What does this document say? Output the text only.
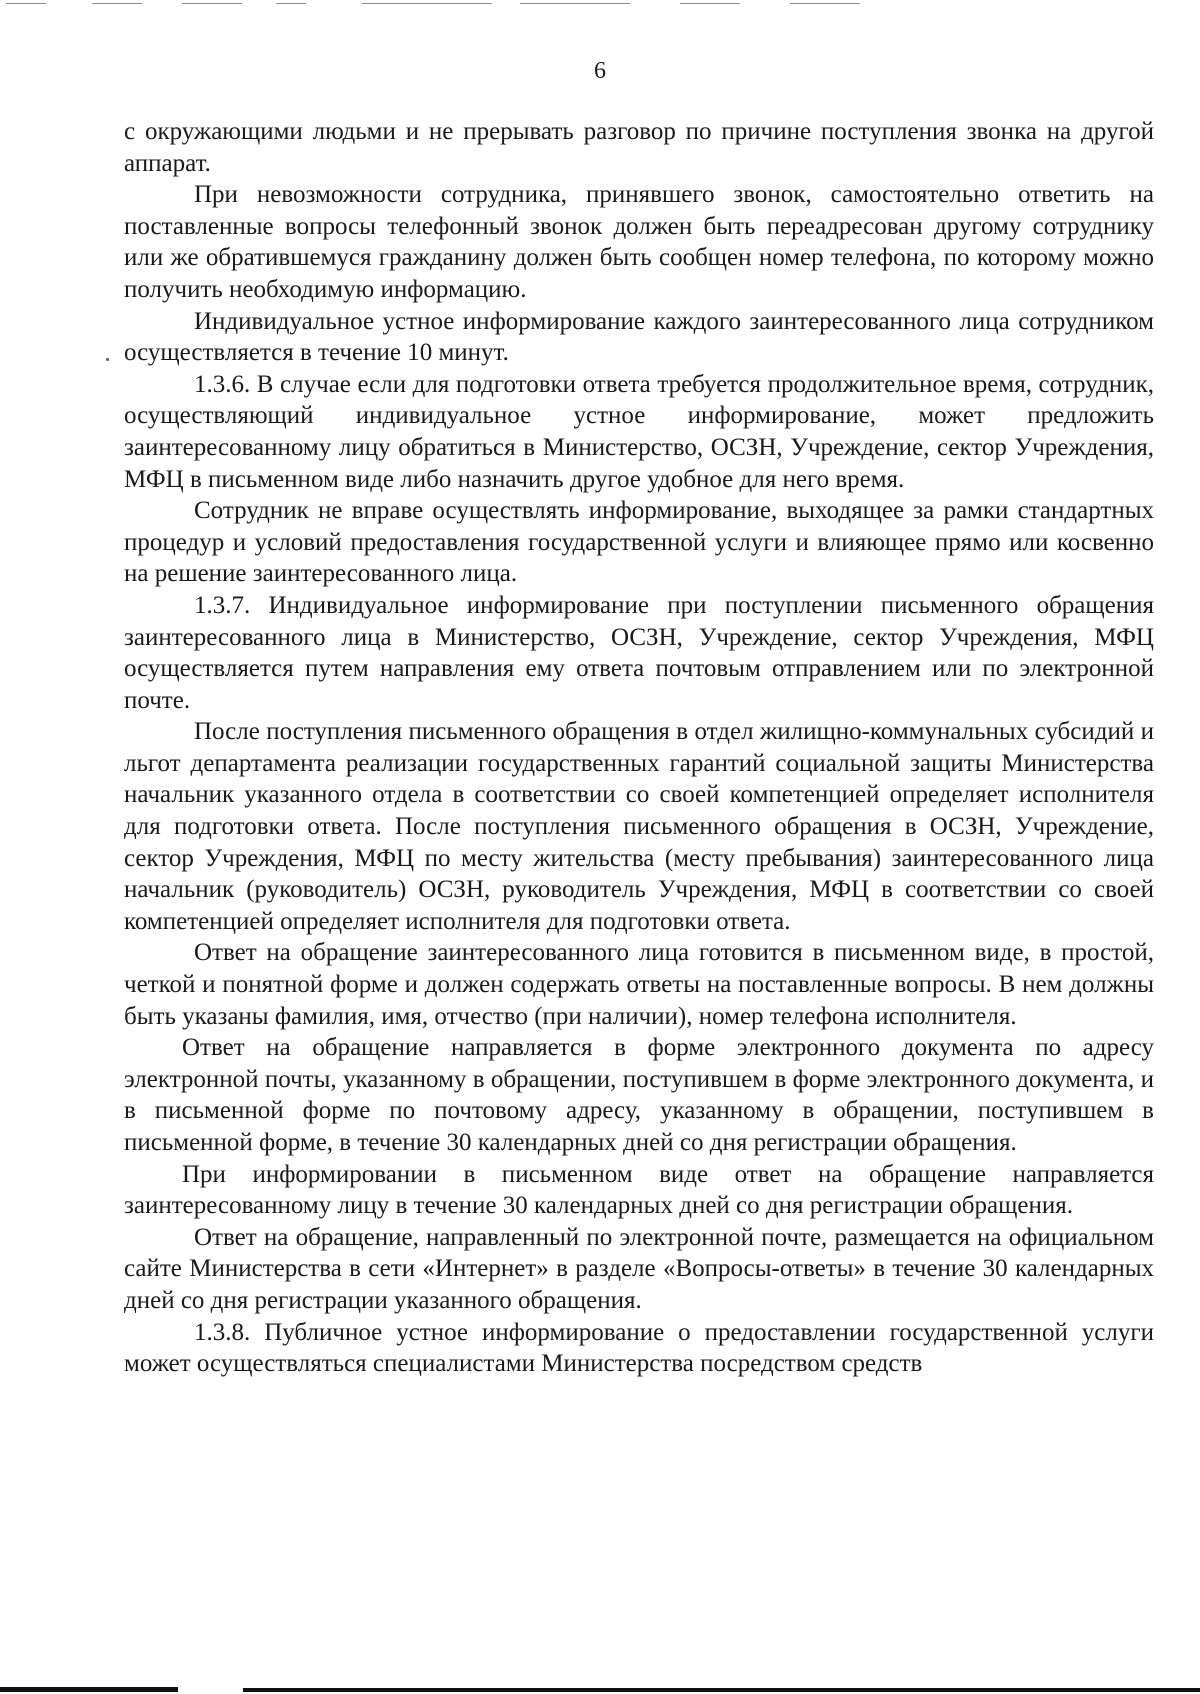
6

с окружающими людьми и не прерывать разговор по причине поступления звонка на другой аппарат.

При невозможности сотрудника, принявшего звонок, самостоятельно ответить на поставленные вопросы телефонный звонок должен быть переадресован другому сотруднику или же обратившемуся гражданину должен быть сообщен номер телефона, по которому можно получить необходимую информацию.

Индивидуальное устное информирование каждого заинтересованного лица сотрудником осуществляется в течение 10 минут.

1.3.6. В случае если для подготовки ответа требуется продолжительное время, сотрудник, осуществляющий индивидуальное устное информирование, может предложить заинтересованному лицу обратиться в Министерство, ОСЗН, Учреждение, сектор Учреждения, МФЦ в письменном виде либо назначить другое удобное для него время.

Сотрудник не вправе осуществлять информирование, выходящее за рамки стандартных процедур и условий предоставления государственной услуги и влияющее прямо или косвенно на решение заинтересованного лица.

1.3.7. Индивидуальное информирование при поступлении письменного обращения заинтересованного лица в Министерство, ОСЗН, Учреждение, сектор Учреждения, МФЦ осуществляется путем направления ему ответа почтовым отправлением или по электронной почте.

После поступления письменного обращения в отдел жилищно-коммунальных субсидий и льгот департамента реализации государственных гарантий социальной защиты Министерства начальник указанного отдела в соответствии со своей компетенцией определяет исполнителя для подготовки ответа. После поступления письменного обращения в ОСЗН, Учреждение, сектор Учреждения, МФЦ по месту жительства (месту пребывания) заинтересованного лица начальник (руководитель) ОСЗН, руководитель Учреждения, МФЦ в соответствии со своей компетенцией определяет исполнителя для подготовки ответа.

Ответ на обращение заинтересованного лица готовится в письменном виде, в простой, четкой и понятной форме и должен содержать ответы на поставленные вопросы. В нем должны быть указаны фамилия, имя, отчество (при наличии), номер телефона исполнителя.

Ответ на обращение направляется в форме электронного документа по адресу электронной почты, указанному в обращении, поступившем в форме электронного документа, и в письменной форме по почтовому адресу, указанному в обращении, поступившем в письменной форме, в течение 30 календарных дней со дня регистрации обращения.

При информировании в письменном виде ответ на обращение направляется заинтересованному лицу в течение 30 календарных дней со дня регистрации обращения.

Ответ на обращение, направленный по электронной почте, размещается на официальном сайте Министерства в сети «Интернет» в разделе «Вопросы-ответы» в течение 30 календарных дней со дня регистрации указанного обращения.

1.3.8. Публичное устное информирование о предоставлении государственной услуги может осуществляться специалистами Министерства посредством средств
